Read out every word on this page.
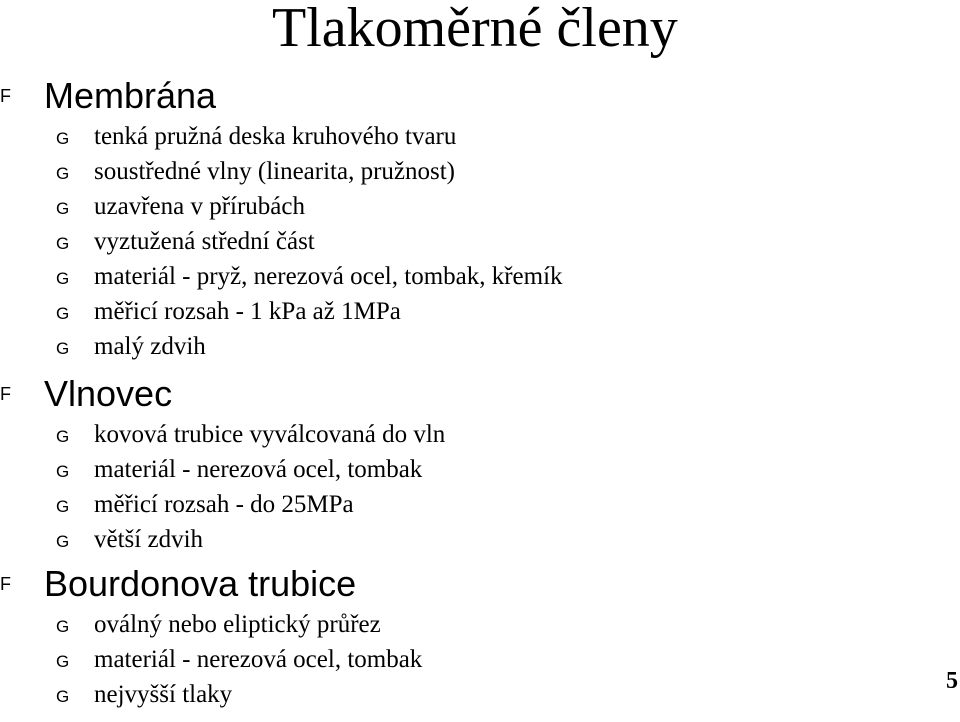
Tlakoměrné členy
F Membrána
G tenká pružná deska kruhového tvaru
G soustředné vlny (linearita, pružnost)
G uzavřena v přírubách
G vyztužená střední část
G materiál - pryž, nerezová ocel, tombak, křemík
G měřicí rozsah - 1 kPa až 1MPa
G malý zdvih
F Vlnovec
G kovová trubice vyválcovaná do vln
G materiál - nerezová ocel, tombak
G měřicí rozsah - do 25MPa
G větší zdvih
F Bourdonova trubice
G oválný nebo eliptický průřez
G materiál - nerezová ocel, tombak
G nejvyšší tlaky	5
